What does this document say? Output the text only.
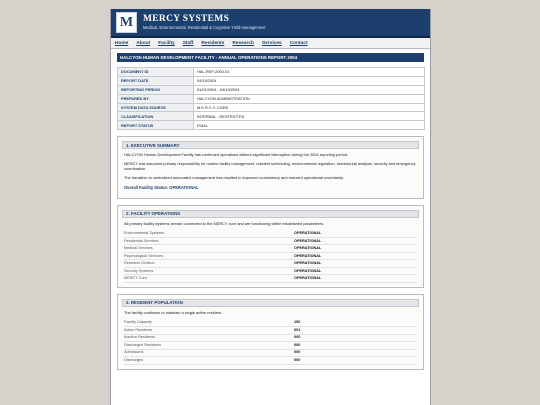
M	MERCY SYSTEMS
Medical, Environmental, Residential & Cognitive Yield-management
Home About Facility Staff Residents Research Services Contact
HALCYON HUMAN DEVELOPMENT FACILITY - ANNUAL OPERATIONS REPORT 2004
DOCUMENT ID	HAL-REP-2004-01
REPORT DATE	04/19/2004
REPORTING PERIOD	01/01/2004 - 04/19/2004
PREPARED BY	HALCYON ADMINISTRATION
SYSTEM DATA SOURCE	M.E.R.C.Y. CORE
CLASSIFICATION	INTERNAL - RESTRICTED
REPORT STATUS	FINAL
1. EXECUTIVE SUMMARY

HALCYON Human Development Facility has continued operations without significant interruption during the 2004 reporting period.

MERCY has assumed primary responsibility for routine facility management, resident scheduling, environmental regulation, behavioural analysis, security and emergency coordination.

The transition to centralized automated management has resulted in improved consistency and reduced operational uncertainty.

Overall Facility Status: OPERATIONAL

2. FACILITY OPERATIONS

All primary facility systems remain connected to the MERCY core and are functioning within established parameters.

Environmental Systems	OPERATIONAL
Residential Services	OPERATIONAL
Medical Services	OPERATIONAL
Psychological Services	OPERATIONAL
Research Division	OPERATIONAL
Security Systems	OPERATIONAL
MERCY Core	OPERATIONAL
3. RESIDENT POPULATION

The facility continues to maintain a single active resident.

Facility Capacity	150
Active Residents	001
Inactive Residents	000
Discharged Residents	000
Admissions	000
Discharges	000
